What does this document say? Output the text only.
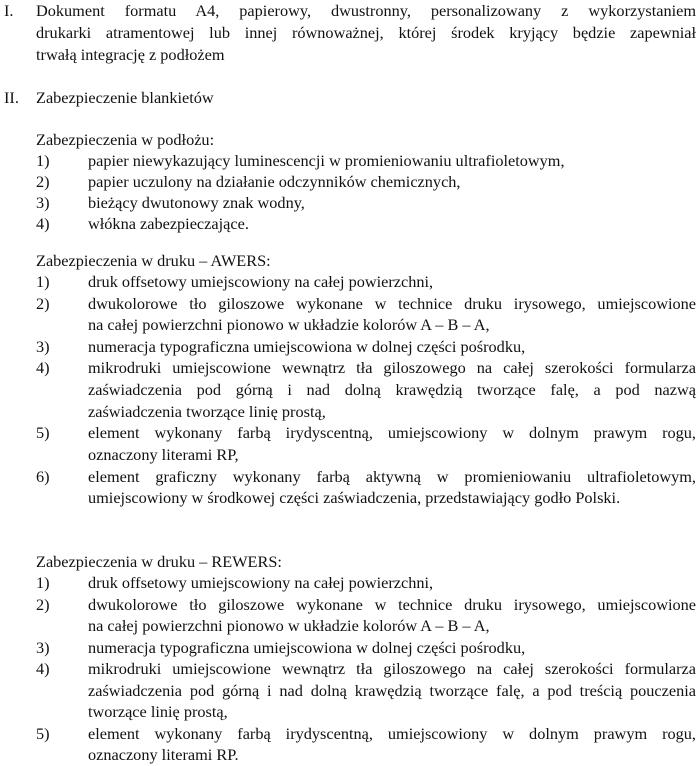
I.	Dokument formatu A4, papierowy, dwustronny, personalizowany z wykorzystaniem
drukarki atramentowej lub innej równoważnej, której środek kryjący będzie zapewniał
trwałą integrację z podłożem
II.	Zabezpieczenie blankietów
Zabezpieczenia w podłożu:
1)	papier niewykazujący luminescencji w promieniowaniu ultrafioletowym,
2)	papier uczulony na działanie odczynników chemicznych,
3)	bieżący dwutonowy znak wodny,
4)	włókna zabezpieczające.
Zabezpieczenia w druku – AWERS:
1)	druk offsetowy umiejscowiony na całej powierzchni,
2)	dwukolorowe tło giloszowe wykonane w technice druku irysowego, umiejscowione
na całej powierzchni pionowo w układzie kolorów A – B – A,
3)	numeracja typograficzna umiejscowiona w dolnej części pośrodku,
4)	mikrodruki umiejscowione wewnątrz tła giloszowego na całej szerokości formularza
zaświadczenia pod górną i nad dolną krawędzią tworzące falę, a pod nazwą
zaświadczenia tworzące linię prostą,
5)	element wykonany farbą irydyscentną, umiejscowiony w dolnym prawym rogu,
oznaczony literami RP,
6)	element graficzny wykonany farbą aktywną w promieniowaniu ultrafioletowym,
umiejscowiony w środkowej części zaświadczenia, przedstawiający godło Polski.
Zabezpieczenia w druku – REWERS:
1)	druk offsetowy umiejscowiony na całej powierzchni,
2)	dwukolorowe tło giloszowe wykonane w technice druku irysowego, umiejscowione
na całej powierzchni pionowo w układzie kolorów A – B – A,
3)	numeracja typograficzna umiejscowiona w dolnej części pośrodku,
4)	mikrodruki umiejscowione wewnątrz tła giloszowego na całej szerokości formularza
zaświadczenia pod górną i nad dolną krawędzią tworzące falę, a pod treścią pouczenia
tworzące linię prostą,
5)	element wykonany farbą irydyscentną, umiejscowiony w dolnym prawym rogu,
oznaczony literami RP.
